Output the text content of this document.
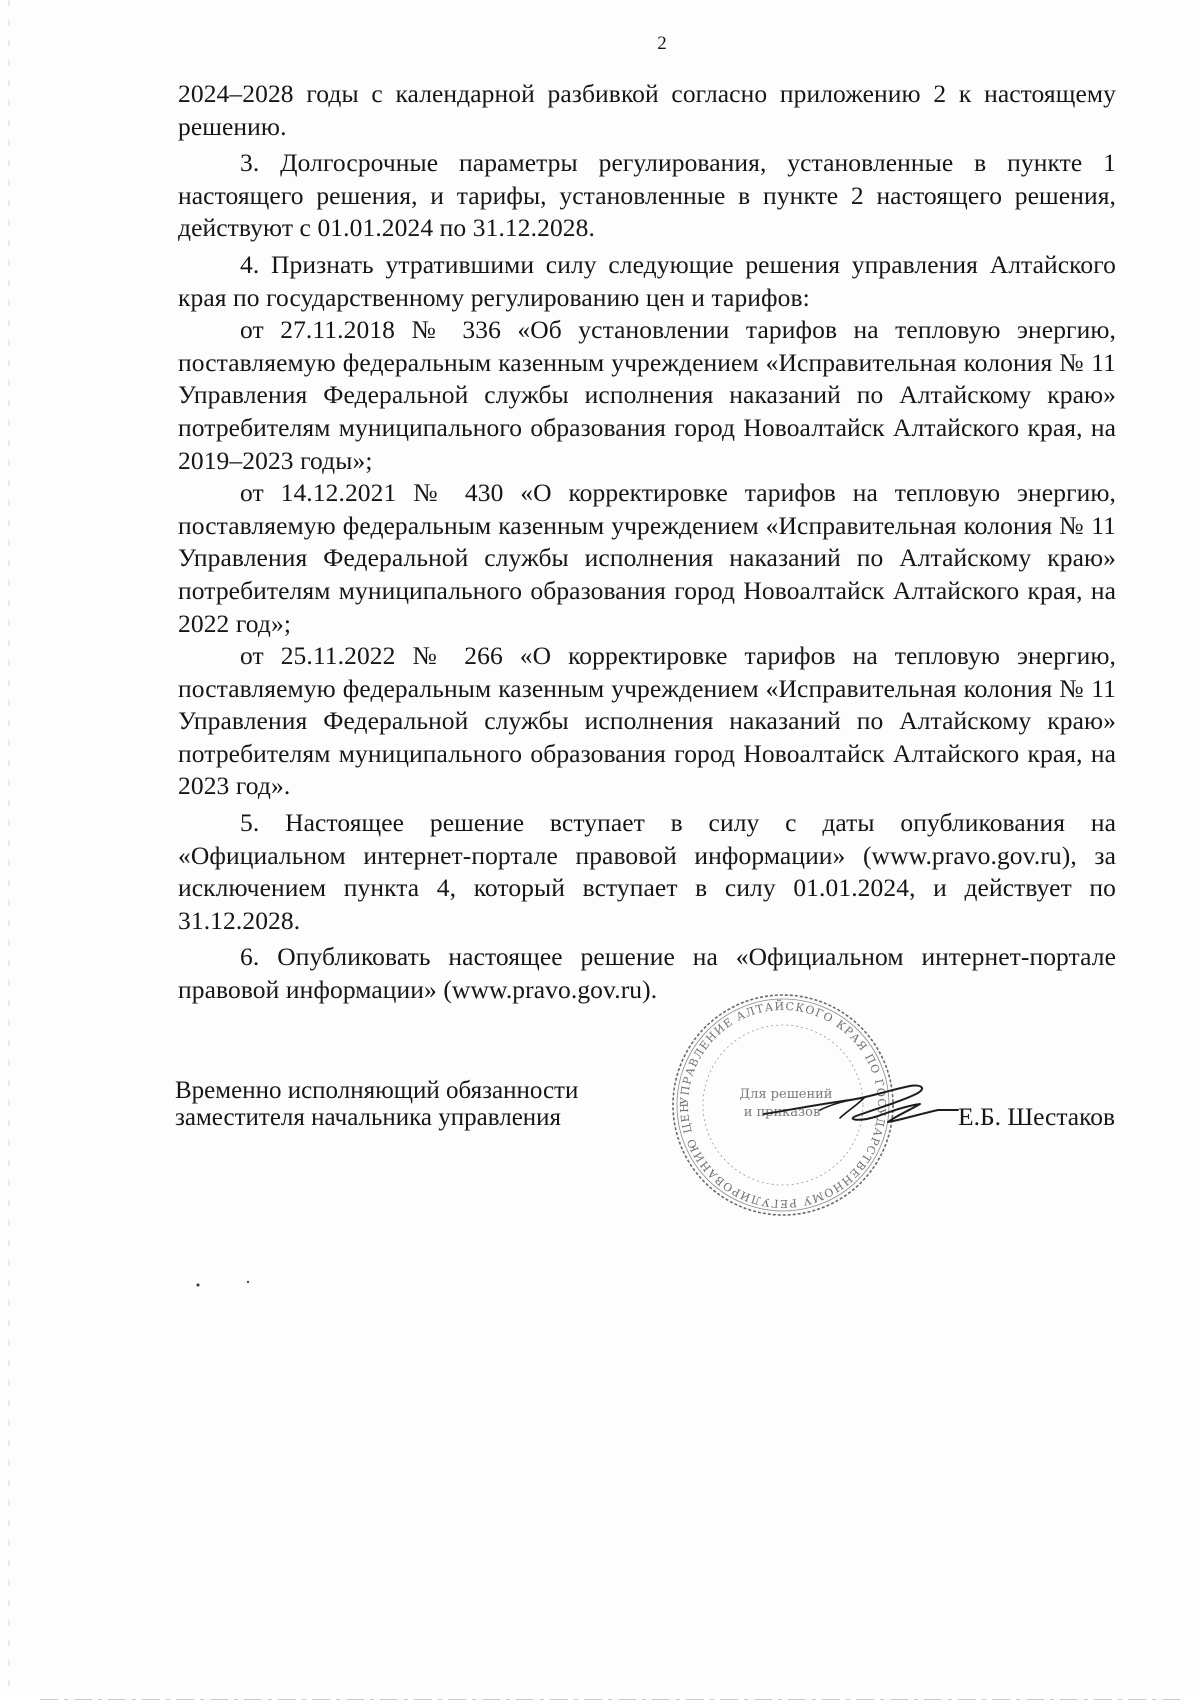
2

2024–2028 годы с календарной разбивкой согласно приложению 2 к настоящему решению.

3. Долгосрочные параметры регулирования, установленные в пункте 1 настоящего решения, и тарифы, установленные в пункте 2 настоящего решения, действуют с 01.01.2024 по 31.12.2028.

4. Признать утратившими силу следующие решения управления Алтайского края по государственному регулированию цен и тарифов:

от 27.11.2018 № 336 «Об установлении тарифов на тепловую энергию, поставляемую федеральным казенным учреждением «Исправительная колония № 11 Управления Федеральной службы исполнения наказаний по Алтайскому краю» потребителям муниципального образования город Новоалтайск Алтайского края, на 2019–2023 годы»;

от 14.12.2021 № 430 «О корректировке тарифов на тепловую энергию, поставляемую федеральным казенным учреждением «Исправительная колония № 11 Управления Федеральной службы исполнения наказаний по Алтайскому краю» потребителям муниципального образования город Новоалтайск Алтайского края, на 2022 год»;

от 25.11.2022 № 266 «О корректировке тарифов на тепловую энергию, поставляемую федеральным казенным учреждением «Исправительная колония № 11 Управления Федеральной службы исполнения наказаний по Алтайскому краю» потребителям муниципального образования город Новоалтайск Алтайского края, на 2023 год».

5. Настоящее решение вступает в силу с даты опубликования на «Официальном интернет-портале правовой информации» (www.pravo.gov.ru), за исключением пункта 4, который вступает в силу 01.01.2024, и действует по 31.12.2028.

6. Опубликовать настоящее решение на «Официальном интернет-портале правовой информации» (www.pravo.gov.ru).

УПРАВЛЕНИЕ АЛТАЙСКОГО КРАЯ ПО ГОСУДАРСТВЕННОМУ РЕГУЛИРОВАНИЮ ЦЕН
Для решений
и приказов
Временно исполняющий обязанности
заместителя начальника управления	Е.Б. Шестаков
